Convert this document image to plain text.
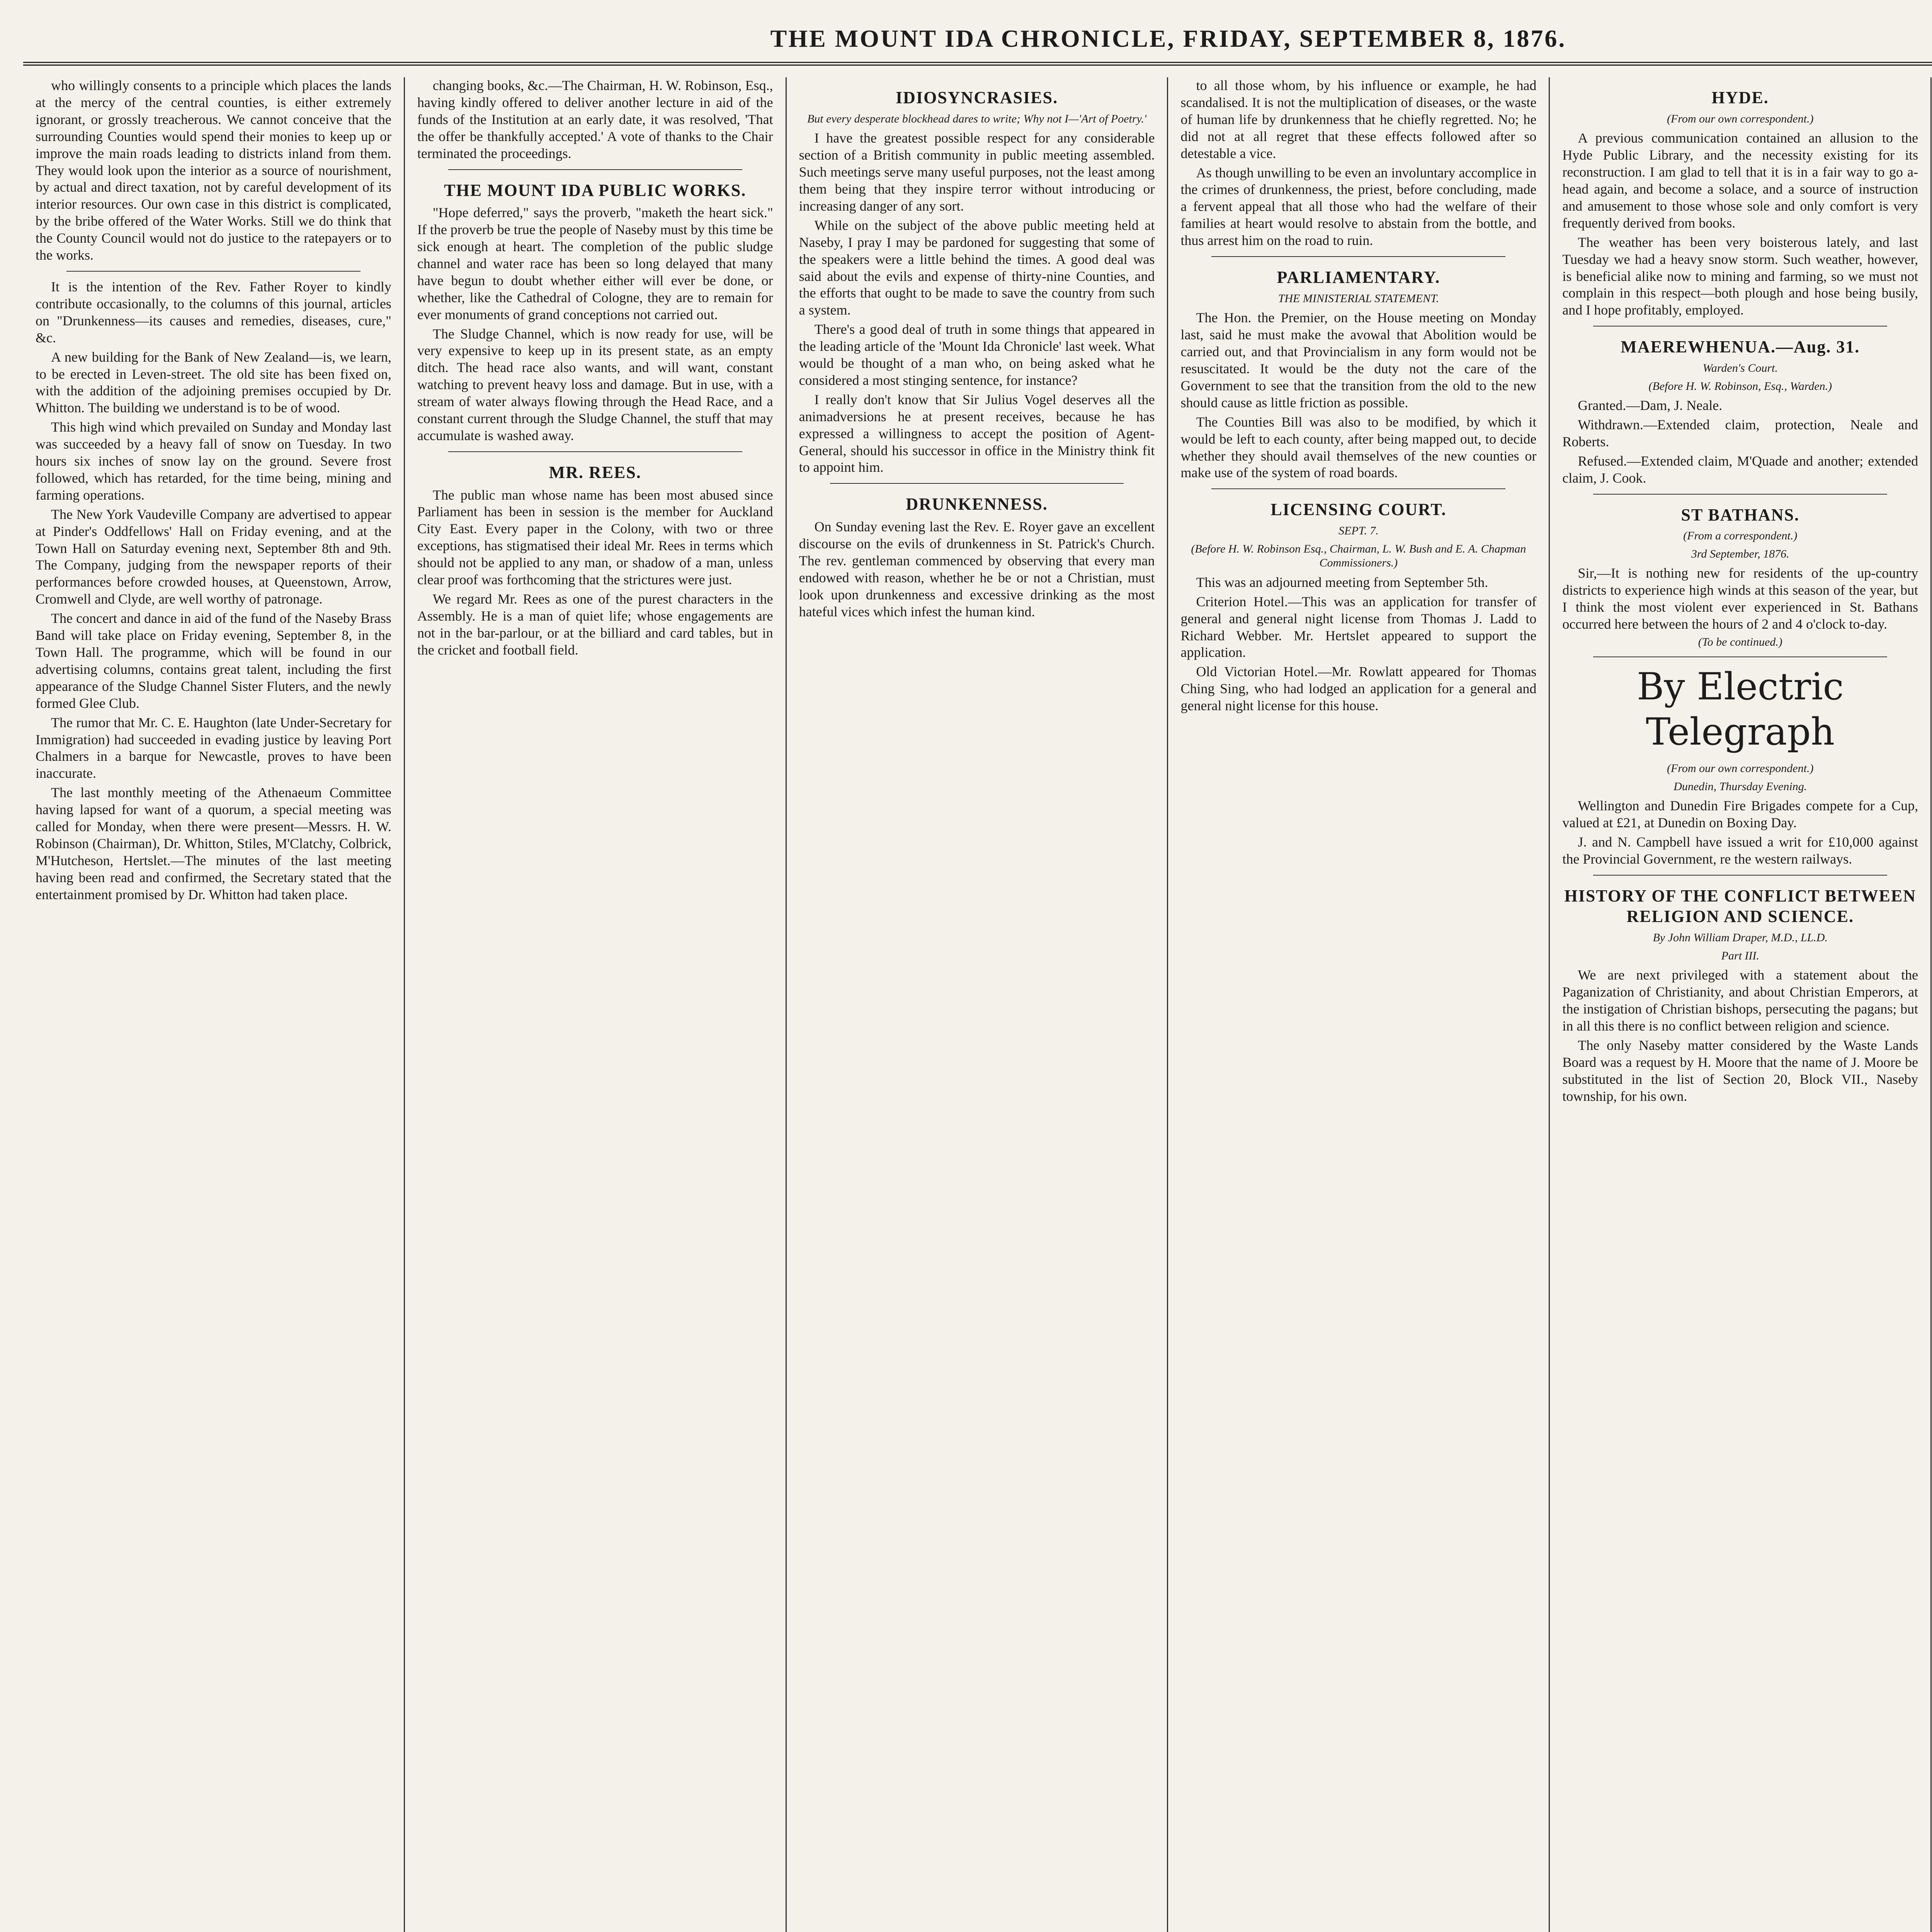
THE MOUNT IDA CHRONICLE, FRIDAY, SEPTEMBER 8, 1876.

who willingly consents to a principle which places the lands at the mercy of the central counties, is either extremely ignorant, or grossly treacherous. We cannot conceive that the surrounding Counties would spend their monies to keep up or improve the main roads leading to districts inland from them. They would look upon the interior as a source of nourishment, by actual and direct taxation, not by careful development of its interior resources. Our own case in this district is complicated, by the bribe offered of the Water Works. Still we do think that the County Council would not do justice to the ratepayers or to the works.

It is the intention of the Rev. Father Royer to kindly contribute occasionally, to the columns of this journal, articles on "Drunkenness—its causes and remedies, diseases, cure," &c.

A new building for the Bank of New Zealand—is, we learn, to be erected in Leven-street. The old site has been fixed on, with the addition of the adjoining premises occupied by Dr. Whitton. The building we understand is to be of wood.

This high wind which prevailed on Sunday and Monday last was succeeded by a heavy fall of snow on Tuesday. In two hours six inches of snow lay on the ground. Severe frost followed, which has retarded, for the time being, mining and farming operations.

The New York Vaudeville Company are advertised to appear at Pinder's Oddfellows' Hall on Friday evening, and at the Town Hall on Saturday evening next, September 8th and 9th. The Company, judging from the newspaper reports of their performances before crowded houses, at Queenstown, Arrow, Cromwell and Clyde, are well worthy of patronage.

The concert and dance in aid of the fund of the Naseby Brass Band will take place on Friday evening, September 8, in the Town Hall. The programme, which will be found in our advertising columns, contains great talent, including the first appearance of the Sludge Channel Sister Fluters, and the newly formed Glee Club.

The rumor that Mr. C. E. Haughton (late Under-Secretary for Immigration) had succeeded in evading justice by leaving Port Chalmers in a barque for Newcastle, proves to have been inaccurate.

The last monthly meeting of the Athenaeum Committee having lapsed for want of a quorum, a special meeting was called for Monday, when there were present—Messrs. H. W. Robinson (Chairman), Dr. Whitton, Stiles, M'Clatchy, Colbrick, M'Hutcheson, Hertslet.—The minutes of the last meeting having been read and confirmed, the Secretary stated that the entertainment promised by Dr. Whitton had taken place.

changing books, &c.—The Chairman, H. W. Robinson, Esq., having kindly offered to deliver another lecture in aid of the funds of the Institution at an early date, it was resolved, 'That the offer be thankfully accepted.' A vote of thanks to the Chair terminated the proceedings.

THE MOUNT IDA PUBLIC WORKS.

"Hope deferred," says the proverb, "maketh the heart sick." If the proverb be true the people of Naseby must by this time be sick enough at heart. The completion of the public sludge channel and water race has been so long delayed that many have begun to doubt whether either will ever be done, or whether, like the Cathedral of Cologne, they are to remain for ever monuments of grand conceptions not carried out.

The Sludge Channel, which is now ready for use, will be very expensive to keep up in its present state, as an empty ditch. The head race also wants, and will want, constant watching to prevent heavy loss and damage. But in use, with a stream of water always flowing through the Head Race, and a constant current through the Sludge Channel, the stuff that may accumulate is washed away.

MR. REES.

The public man whose name has been most abused since Parliament has been in session is the member for Auckland City East. Every paper in the Colony, with two or three exceptions, has stigmatised their ideal Mr. Rees in terms which should not be applied to any man, or shadow of a man, unless clear proof was forthcoming that the strictures were just.

We regard Mr. Rees as one of the purest characters in the Assembly. He is a man of quiet life; whose engagements are not in the bar-parlour, or at the billiard and card tables, but in the cricket and football field.

IDIOSYNCRASIES.
But every desperate blockhead dares to write; Why not I—'Art of Poetry.'

I have the greatest possible respect for any considerable section of a British community in public meeting assembled. Such meetings serve many useful purposes, not the least among them being that they inspire terror without introducing or increasing danger of any sort.

While on the subject of the above public meeting held at Naseby, I pray I may be pardoned for suggesting that some of the speakers were a little behind the times. A good deal was said about the evils and expense of thirty-nine Counties, and the efforts that ought to be made to save the country from such a system.

There's a good deal of truth in some things that appeared in the leading article of the 'Mount Ida Chronicle' last week. What would be thought of a man who, on being asked what he considered a most stinging sentence, for instance?

I really don't know that Sir Julius Vogel deserves all the animadversions he at present receives, because he has expressed a willingness to accept the position of Agent-General, should his successor in office in the Ministry think fit to appoint him.

DRUNKENNESS.

On Sunday evening last the Rev. E. Royer gave an excellent discourse on the evils of drunkenness in St. Patrick's Church. The rev. gentleman commenced by observing that every man endowed with reason, whether he be or not a Christian, must look upon drunkenness and excessive drinking as the most hateful vices which infest the human kind.

to all those whom, by his influence or example, he had scandalised. It is not the multiplication of diseases, or the waste of human life by drunkenness that he chiefly regretted. No; he did not at all regret that these effects followed after so detestable a vice.

As though unwilling to be even an involuntary accomplice in the crimes of drunkenness, the priest, before concluding, made a fervent appeal that all those who had the welfare of their families at heart would resolve to abstain from the bottle, and thus arrest him on the road to ruin.

PARLIAMENTARY.
THE MINISTERIAL STATEMENT.

The Hon. the Premier, on the House meeting on Monday last, said he must make the avowal that Abolition would be carried out, and that Provincialism in any form would not be resuscitated. It would be the duty not the care of the Government to see that the transition from the old to the new should cause as little friction as possible.

The Counties Bill was also to be modified, by which it would be left to each county, after being mapped out, to decide whether they should avail themselves of the new counties or make use of the system of road boards.

LICENSING COURT.
SEPT. 7.
(Before H. W. Robinson Esq., Chairman, L. W. Bush and E. A. Chapman Commissioners.)

This was an adjourned meeting from September 5th.

Criterion Hotel.—This was an application for transfer of general and general night license from Thomas J. Ladd to Richard Webber. Mr. Hertslet appeared to support the application.

Old Victorian Hotel.—Mr. Rowlatt appeared for Thomas Ching Sing, who had lodged an application for a general and general night license for this house.

HYDE.
(From our own correspondent.)

A previous communication contained an allusion to the Hyde Public Library, and the necessity existing for its reconstruction. I am glad to tell that it is in a fair way to go a-head again, and become a solace, and a source of instruction and amusement to those whose sole and only comfort is very frequently derived from books.

The weather has been very boisterous lately, and last Tuesday we had a heavy snow storm. Such weather, however, is beneficial alike now to mining and farming, so we must not complain in this respect—both plough and hose being busily, and I hope profitably, employed.

MAEREWHENUA.—Aug. 31.
Warden's Court.
(Before H. W. Robinson, Esq., Warden.)

Granted.—Dam, J. Neale.

Withdrawn.—Extended claim, protection, Neale and Roberts.

Refused.—Extended claim, M'Quade and another; extended claim, J. Cook.

ST BATHANS.
(From a correspondent.)
3rd September, 1876.

Sir,—It is nothing new for residents of the up-country districts to experience high winds at this season of the year, but I think the most violent ever experienced in St. Bathans occurred here between the hours of 2 and 4 o'clock to-day.

(To be continued.)
By Electric Telegraph
(From our own correspondent.)
Dunedin, Thursday Evening.

Wellington and Dunedin Fire Brigades compete for a Cup, valued at £21, at Dunedin on Boxing Day.

J. and N. Campbell have issued a writ for £10,000 against the Provincial Government, re the western railways.

HISTORY OF THE CONFLICT BETWEEN RELIGION AND SCIENCE.
By John William Draper, M.D., LL.D.
Part III.

We are next privileged with a statement about the Paganization of Christianity, and about Christian Emperors, at the instigation of Christian bishops, persecuting the pagans; but in all this there is no conflict between religion and science.

The only Naseby matter considered by the Waste Lands Board was a request by H. Moore that the name of J. Moore be substituted in the list of Section 20, Block VII., Naseby township, for his own.
